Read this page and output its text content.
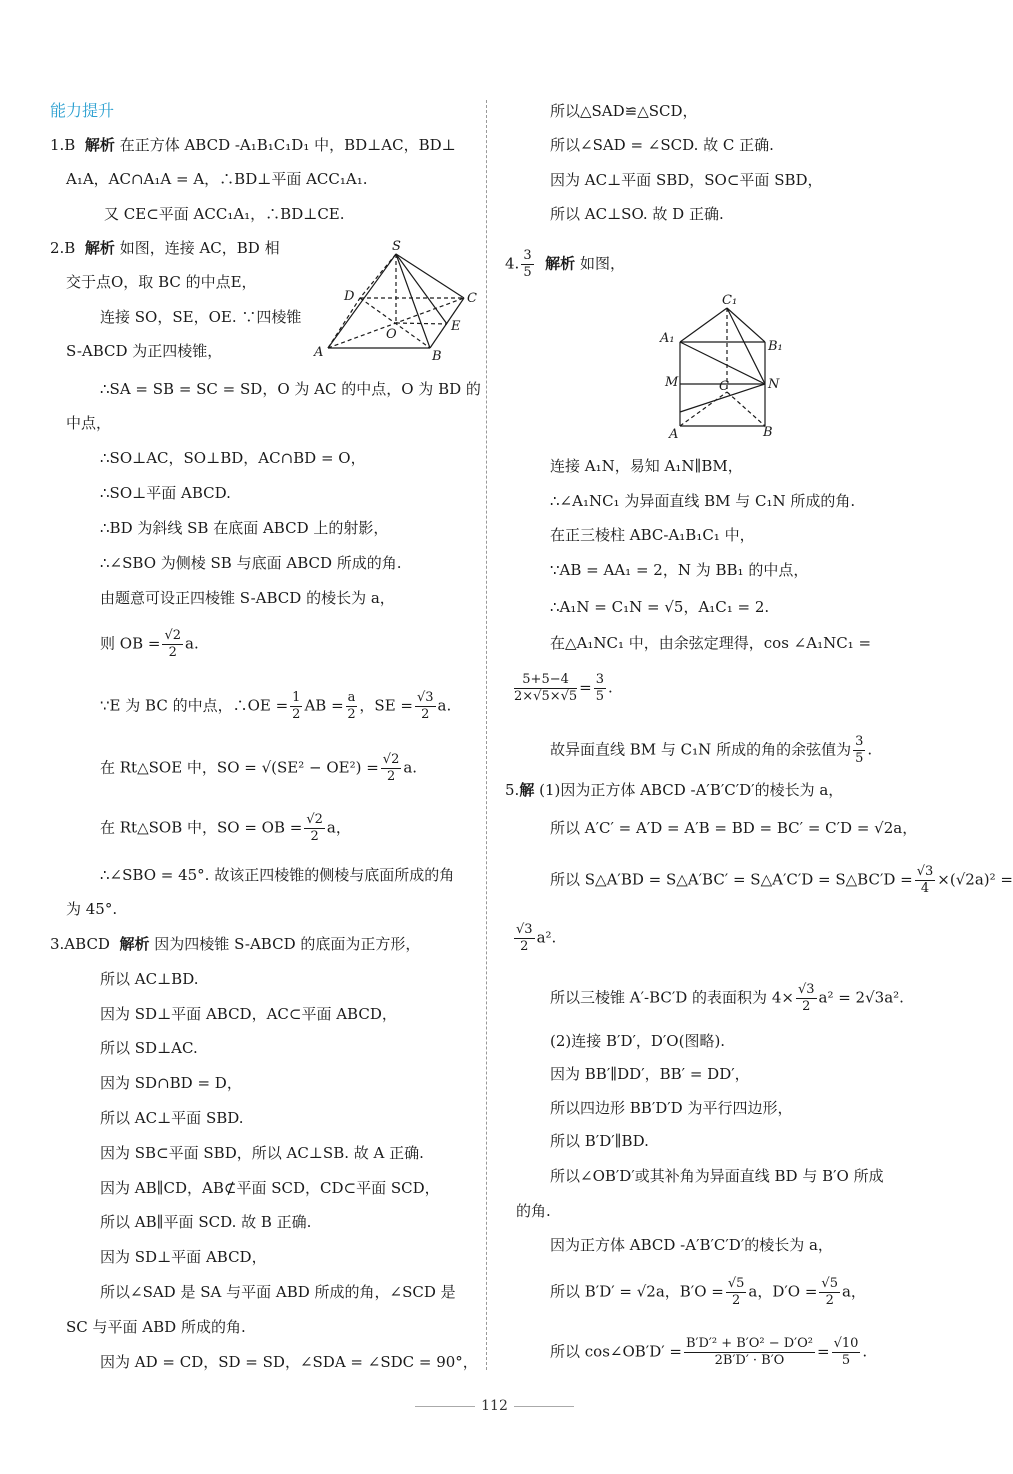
能力提升
1.B 解析 在正方体 ABCD -A₁B₁C₁D₁ 中，BD⊥AC，BD⊥
A₁A，AC∩A₁A = A，∴BD⊥平面 ACC₁A₁.
又 CE⊂平面 ACC₁A₁，∴BD⊥CE.
2.B 解析 如图，连接 AC，BD 相
交于点O，取 BC 的中点E，
连接 SO，SE，OE. ∵四棱锥
S-ABCD 为正四棱锥，
S
A	B
C
D
O
E
∴SA = SB = SC = SD，O 为 AC 的中点，O 为 BD 的
中点，
∴SO⊥AC，SO⊥BD，AC∩BD = O，
∴SO⊥平面 ABCD.
∴BD 为斜线 SB 在底面 ABCD 上的射影，
∴∠SBO 为侧棱 SB 与底面 ABCD 所成的角.
由题意可设正四棱锥 S-ABCD 的棱长为 a，
则 OB = $\frac{√2}{2} a$.
∵E 为 BC 的中点，∴OE = $\frac{1}{2}$ AB = $\frac{a}{2}$ ，SE = $\frac{√3}{2} a$.
在 Rt△SOE 中，SO = $√(SE^2 - OE^2) = \frac{√2}{2} a$.
在 Rt△SOB 中，SO = OB = $\frac{√2}{2}$ a，
∴∠SBO = 45°. 故该正四棱锥的侧棱与底面所成的角
为 45°.
3.ABCD 解析 因为四棱锥 S-ABCD 的底面为正方形，
所以 AC⊥BD.
因为 SD⊥平面 ABCD，AC⊂平面 ABCD，
所以 SD⊥AC.
因为 SD∩BD = D，
所以 AC⊥平面 SBD.
因为 SB⊂平面 SBD，所以 AC⊥SB. 故 A 正确.
因为 AB∥CD，AB⊄平面 SCD，CD⊂平面 SCD，
所以 AB∥平面 SCD. 故 B 正确.
因为 SD⊥平面 ABCD，
所以∠SAD 是 SA 与平面 ABD 所成的角，∠SCD 是
SC 与平面 ABD 所成的角.
因为 AD = CD，SD = SD，∠SDA = ∠SDC = 90°，
所以△SAD≌△SCD，
所以∠SAD = ∠SCD. 故 C 正确.
因为 AC⊥平面 SBD，SO⊂平面 SBD，
所以 AC⊥SO. 故 D 正确.
4. $\frac{3}{5}$ 解析 如图，
C₁
A₁
B₁
M	N
C
A	B
连接 A₁N，易知 A₁N∥BM，
∴∠A₁NC₁ 为异面直线 BM 与 C₁N 所成的角.
在正三棱柱 ABC-A₁B₁C₁ 中，
∵AB = AA₁ = 2，N 为 BB₁ 的中点，
∴A₁N = C₁N = √5，A₁C₁ = 2.
在△A₁NC₁ 中，由余弦定理得，cos ∠A₁NC₁ =
$\frac{5+5-4}{2\times√5\times√5} = \frac{3}{5}$ .
故异面直线 BM 与 C₁N 所成的角的余弦值为 $\frac{3}{5}$ .
5.解 (1)因为正方体 ABCD -A′B′C′D′的棱长为 a，
所以 A′C′ = A′D = A′B = BD = BC′ = C′D = √2a，
所以 S△A′BD = S△A′BC′ = S△A′C′D = S△BC′D = $\frac{√3}{4} \times(√2a)^2$ =
$\frac{√3}{2} a^2$.
所以三棱锥 A′-BC′D 的表面积为 $4\times \frac{√3}{2} a^2 = 2√3a^2$.
(2)连接 B′D′，D′O(图略).
因为 BB′∥DD′，BB′ = DD′，
所以四边形 BB′D′D 为平行四边形，
所以 B′D′∥BD.
所以∠OB′D′或其补角为异面直线 BD 与 B′O 所成
的角.
因为正方体 ABCD -A′B′C′D′的棱长为 a，
所以 B′D′ = √2a，$B'O = \frac{√5}{2}$ a，$D'O = \frac{√5}{2}$ a，
所以 cos∠OB′D′ = $\frac{\text{B′D′² + B′O² − D′O²}}{2B'D' \cdot B'O} = \frac{√10}{5}$ .
112
